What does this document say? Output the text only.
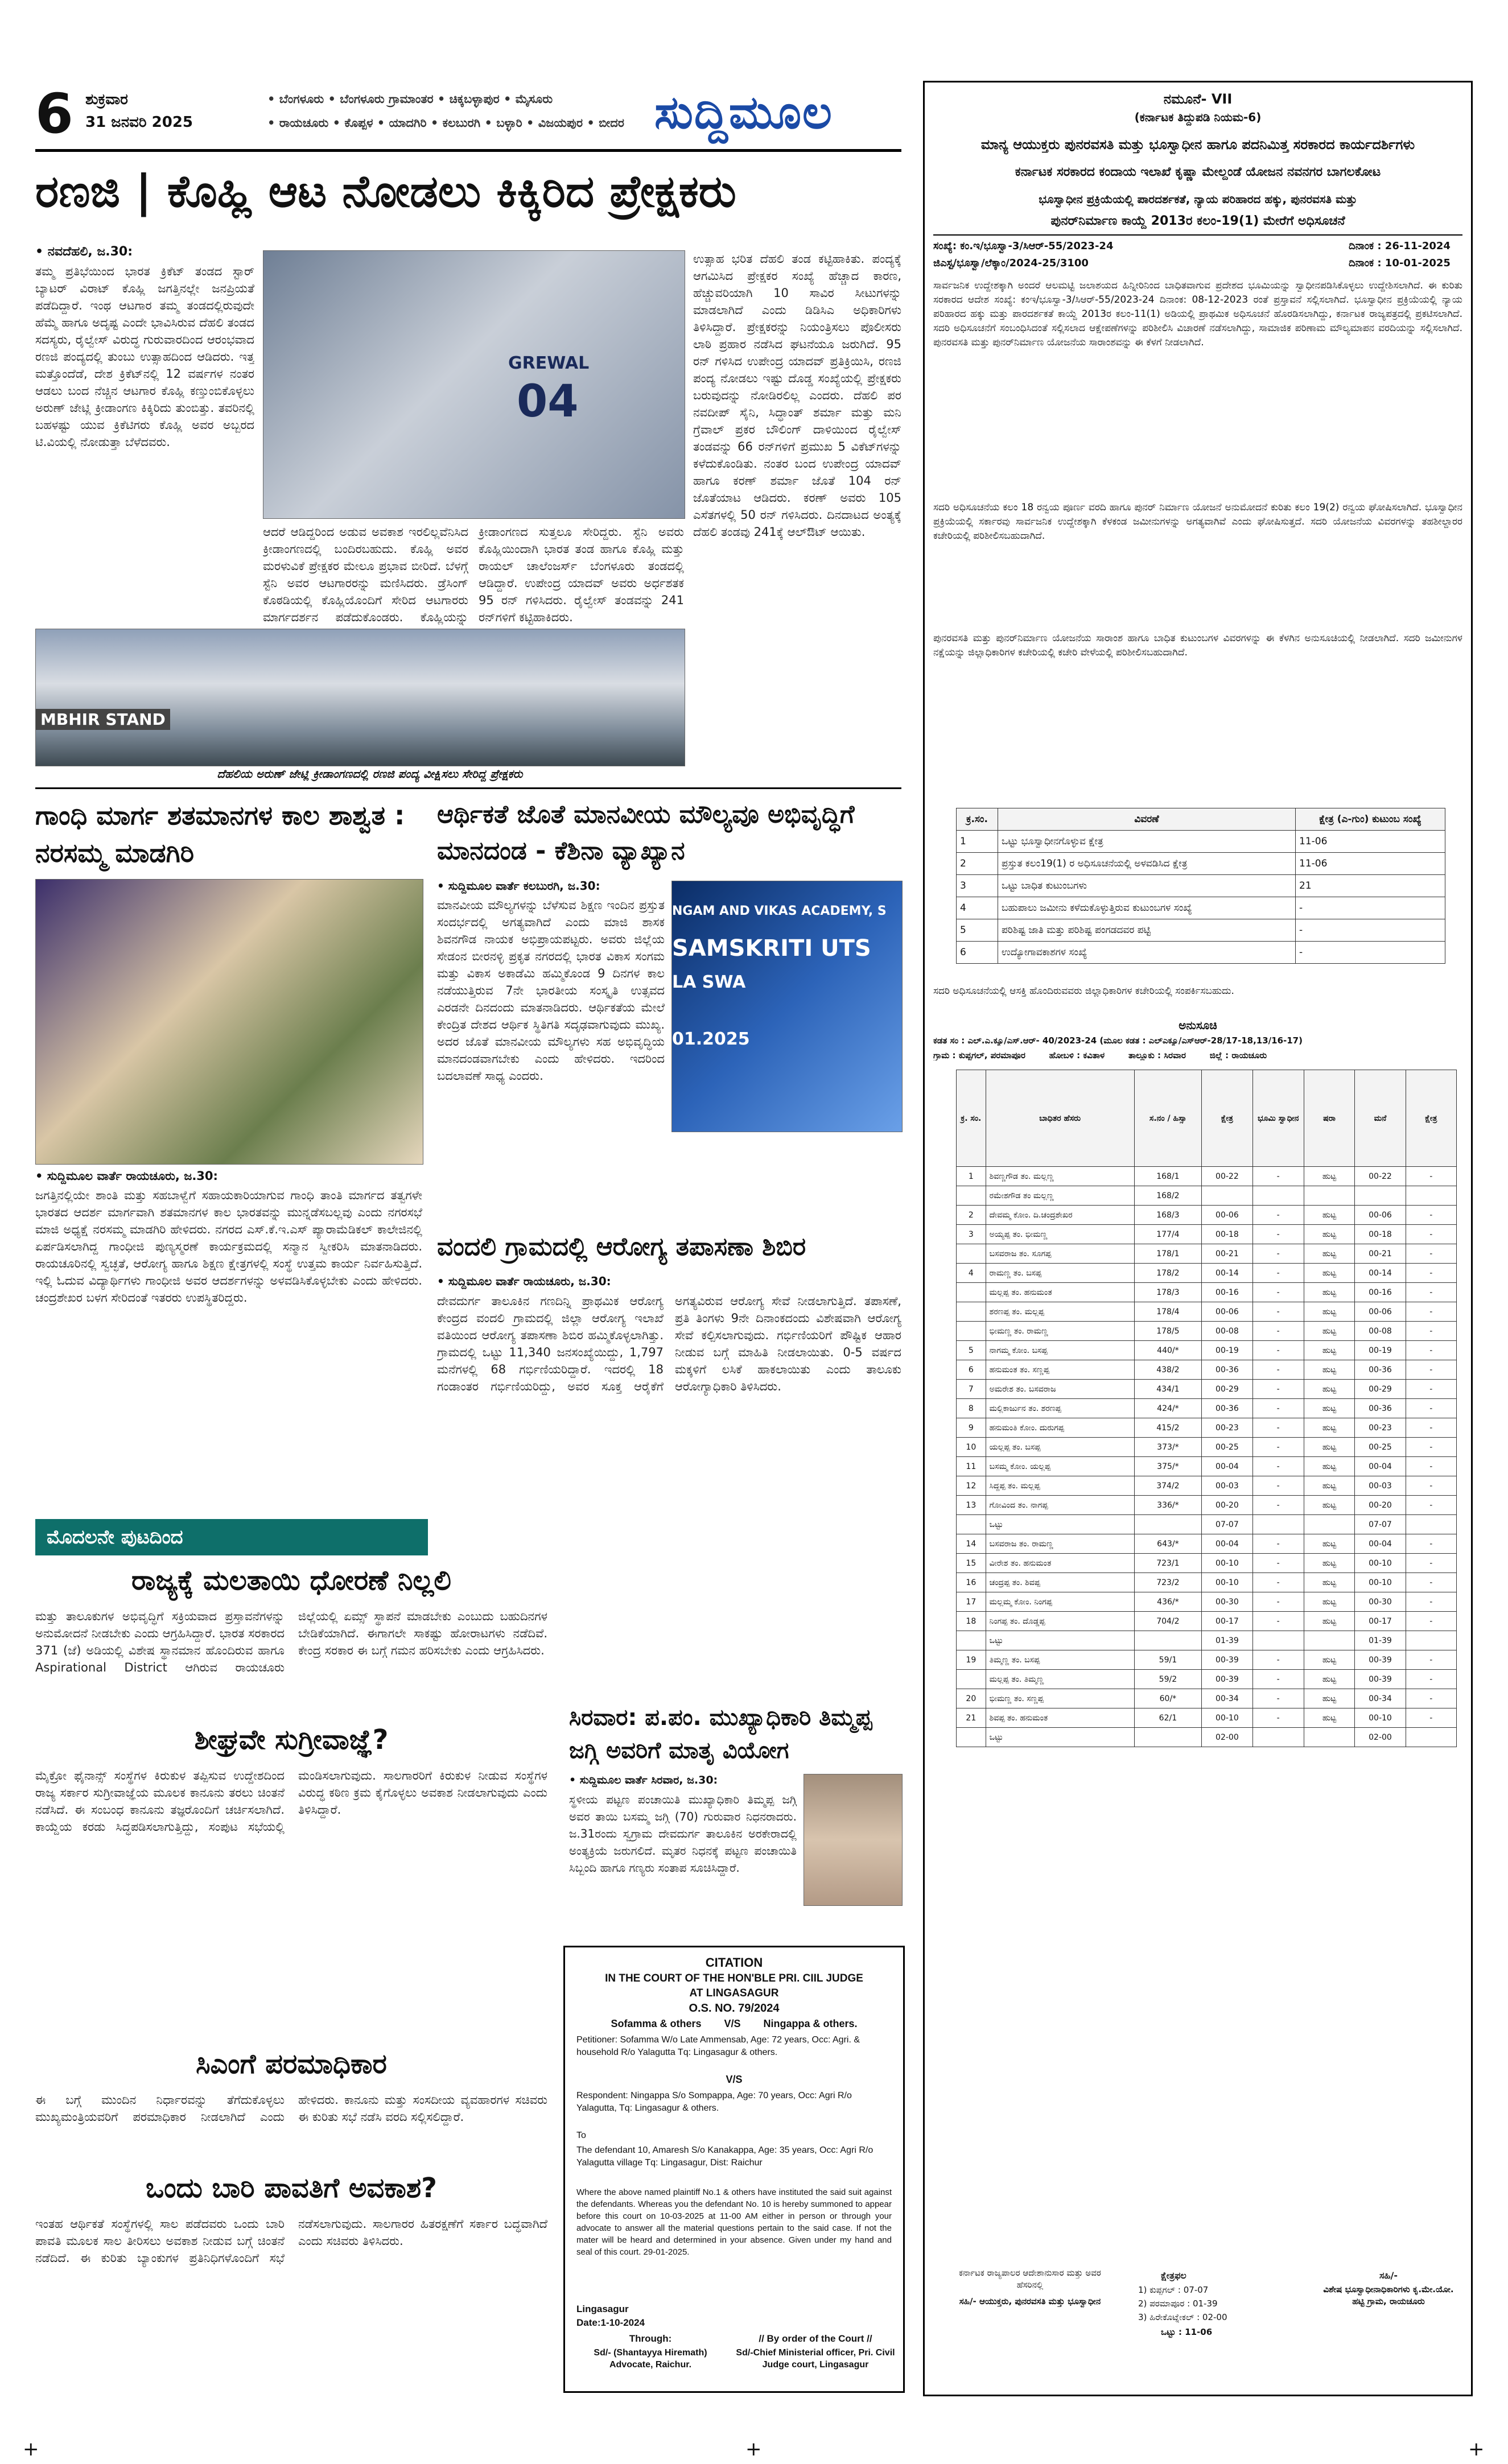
6 ಶುಕ್ರವಾರ
31 ಜನವರಿ 2025
• ಬೆಂಗಳೂರು • ಬೆಂಗಳೂರು ಗ್ರಾಮಾಂತರ • ಚಿಕ್ಕಬಳ್ಳಾಪುರ • ಮೈಸೂರು
• ರಾಯಚೂರು • ಕೊಪ್ಪಳ • ಯಾದಗಿರಿ • ಕಲಬುರಗಿ • ಬಳ್ಳಾರಿ • ವಿಜಯಪುರ • ಬೀದರ ಸುದ್ದಿಮೂಲ
ರಣಜಿ | ಕೊಹ್ಲಿ ಆಟ ನೋಡಲು ಕಿಕ್ಕಿರಿದ ಪ್ರೇಕ್ಷಕರು
• ನವದೆಹಲಿ, ಜ.30:
ತಮ್ಮ ಪ್ರತಿಭೆಯಿಂದ ಭಾರತ ಕ್ರಿಕೆಟ್ ತಂಡದ ಸ್ಟಾರ್ ಬ್ಯಾಟರ್ ವಿರಾಟ್ ಕೊಹ್ಲಿ ಜಗತ್ತಿನಲ್ಲೇ ಜನಪ್ರಿಯತೆ ಪಡೆದಿದ್ದಾರೆ. ಇಂಥ ಆಟಗಾರ ತಮ್ಮ ತಂಡದಲ್ಲಿರುವುದೇ ಹೆಮ್ಮೆ ಹಾಗೂ ಅದೃಷ್ಟ ಎಂದೇ ಭಾವಿಸಿರುವ ದೆಹಲಿ ತಂಡದ ಸದಸ್ಯರು, ರೈಲ್ವೇಸ್ ವಿರುದ್ಧ ಗುರುವಾರದಿಂದ ಆರಂಭವಾದ ರಣಜಿ ಪಂದ್ಯದಲ್ಲಿ ತುಂಬು ಉತ್ಸಾಹದಿಂದ ಆಡಿದರು. ಇತ್ತ ಮತ್ತೊಂದೆಡೆ, ದೇಶ ಕ್ರಿಕೆಟ್‌ನಲ್ಲಿ 12 ವರ್ಷಗಳ ನಂತರ ಆಡಲು ಬಂದ ನೆಚ್ಚಿನ ಆಟಗಾರ ಕೊಹ್ಲಿ ಕಣ್ತುಂಬಿಕೊಳ್ಳಲು ಅರುಣ್ ಜೇಟ್ಲಿ ಕ್ರೀಡಾಂಗಣ ಕಿಕ್ಕಿರಿದು ತುಂಬಿತ್ತು. ತವರಿನಲ್ಲಿ ಬಹಳಷ್ಟು ಯುವ ಕ್ರಿಕೆಟಿಗರು ಕೊಹ್ಲಿ ಅವರ ಅಬ್ಬರದ ಟಿ.ವಿಯಲ್ಲಿ ನೋಡುತ್ತಾ ಬೆಳೆದವರು.
GREWAL
04
ಆದರೆ ಆಡಿದ್ದರಿಂದ ಅಡುವ ಅವಕಾಶ ಇರಲಿಲ್ಲವೆನಿಸಿದ ಕ್ರೀಡಾಂಗಣದಲ್ಲಿ ಬಂದಿರಬಹುದು. ಕೊಹ್ಲಿ ಅವರ ಮರಳುವಿಕೆ ಪ್ರೇಕ್ಷಕರ ಮೇಲೂ ಪ್ರಭಾವ ಬೀರಿದೆ. ಬೆಳಗ್ಗೆ ಸ್ಟೆನಿ ಅವರ ಆಟಗಾರರನ್ನು ಮಣಿಸಿದರು. ಡ್ರೆಸಿಂಗ್ ಕೊಠಡಿಯಲ್ಲಿ ಕೊಹ್ಲಿಯೊಂದಿಗೆ ಸೇರಿದ ಆಟಗಾರರು ಮಾರ್ಗದರ್ಶನ ಪಡೆದುಕೊಂಡರು. ಕೊಹ್ಲಿಯನ್ನು ಕ್ರೀಡಾಂಗಣದ ಸುತ್ತಲೂ ಸೇರಿದ್ದರು. ಸ್ಟೆನಿ ಅವರು ಕೊಹ್ಲಿಯಿಂದಾಗಿ ಭಾರತ ತಂಡ ಹಾಗೂ ಕೊಹ್ಲಿ ಮತ್ತು ರಾಯಲ್ ಚಾಲೆಂಜರ್ಸ್ ಬೆಂಗಳೂರು ತಂಡದಲ್ಲಿ ಆಡಿದ್ದಾರೆ. ಉಪೇಂದ್ರ ಯಾದವ್ ಅವರು ಅರ್ಧಶತಕ 95 ರನ್ ಗಳಿಸಿದರು. ರೈಲ್ವೇಸ್ ತಂಡವನ್ನು 241 ರನ್‌ಗಳಿಗೆ ಕಟ್ಟಿಹಾಕಿದರು.
ಉತ್ಸಾಹ ಭರಿತ ದೆಹಲಿ ತಂಡ ಕಟ್ಟಿಹಾಕಿತು. ಪಂದ್ಯಕ್ಕೆ ಆಗಮಿಸಿದ ಪ್ರೇಕ್ಷಕರ ಸಂಖ್ಯೆ ಹೆಚ್ಚಾದ ಕಾರಣ, ಹೆಚ್ಚುವರಿಯಾಗಿ 10 ಸಾವಿರ ಸೀಟುಗಳನ್ನು ಮಾಡಲಾಗಿದೆ ಎಂದು ಡಿಡಿಸಿಎ ಅಧಿಕಾರಿಗಳು ತಿಳಿಸಿದ್ದಾರೆ. ಪ್ರೇಕ್ಷಕರನ್ನು ನಿಯಂತ್ರಿಸಲು ಪೊಲೀಸರು ಲಾಠಿ ಪ್ರಹಾರ ನಡೆಸಿದ ಘಟನೆಯೂ ಜರುಗಿದೆ. 95 ರನ್ ಗಳಿಸಿದ ಉಪೇಂದ್ರ ಯಾದವ್ ಪ್ರತಿಕ್ರಿಯಿಸಿ, ರಣಜಿ ಪಂದ್ಯ ನೋಡಲು ಇಷ್ಟು ದೊಡ್ಡ ಸಂಖ್ಯೆಯಲ್ಲಿ ಪ್ರೇಕ್ಷಕರು ಬರುವುದನ್ನು ನೋಡಿರಲಿಲ್ಲ ಎಂದರು. ದೆಹಲಿ ಪರ ನವದೀಪ್ ಸೈನಿ, ಸಿದ್ಧಾಂತ್ ಶರ್ಮಾ ಮತ್ತು ಮನಿ ಗ್ರೆವಾಲ್ ಪ್ರಕರ ಬೌಲಿಂಗ್ ದಾಳಿಯಿಂದ ರೈಲ್ವೇಸ್ ತಂಡವನ್ನು 66 ರನ್‌ಗಳಿಗೆ ಪ್ರಮುಖ 5 ವಿಕೆಟ್‌ಗಳನ್ನು ಕಳೆದುಕೊಂಡಿತು. ನಂತರ ಬಂದ ಉಪೇಂದ್ರ ಯಾದವ್ ಹಾಗೂ ಕರಣ್ ಶರ್ಮಾ ಜೊತೆ 104 ರನ್ ಜೊತೆಯಾಟ ಆಡಿದರು. ಕರಣ್ ಅವರು 105 ಎಸೆತಗಳಲ್ಲಿ 50 ರನ್ ಗಳಿಸಿದರು. ದಿನದಾಟದ ಅಂತ್ಯಕ್ಕೆ ದೆಹಲಿ ತಂಡವು 241ಕ್ಕೆ ಆಲ್‌ಔಟ್ ಆಯಿತು.
MBHIR STAND
ದೆಹಲಿಯ ಅರುಣ್ ಜೇಟ್ಲಿ ಕ್ರೀಡಾಂಗಣದಲ್ಲಿ ರಣಜಿ ಪಂದ್ಯ ವೀಕ್ಷಿಸಲು ಸೇರಿದ್ದ ಪ್ರೇಕ್ಷಕರು
ಗಾಂಧಿ ಮಾರ್ಗ ಶತಮಾನಗಳ ಕಾಲ ಶಾಶ್ವತ : ನರಸಮ್ಮ ಮಾಡಗಿರಿ
• ಸುದ್ದಿಮೂಲ ವಾರ್ತೆ ರಾಯಚೂರು, ಜ.30:
ಜಗತ್ತಿನಲ್ಲಿಯೇ ಶಾಂತಿ ಮತ್ತು ಸಹಬಾಳ್ವೆಗೆ ಸಹಾಯಕಾರಿಯಾಗುವ ಗಾಂಧಿ ತಾಂತಿ ಮಾರ್ಗದ ತತ್ವಗಳೇ ಭಾರತದ ಆದರ್ಶ ಮಾರ್ಗವಾಗಿ ಶತಮಾನಗಳ ಕಾಲ ಭಾರತವನ್ನು ಮುನ್ನಡೆಸಬಲ್ಲವು ಎಂದು ನಗರಸಭೆ ಮಾಜಿ ಅಧ್ಯಕ್ಷೆ ನರಸಮ್ಮ ಮಾಡಗಿರಿ ಹೇಳಿದರು. ನಗರದ ಎಸ್.ಕೆ.ಇ.ಎಸ್ ಪ್ಯಾರಾಮೆಡಿಕಲ್ ಕಾಲೇಜಿನಲ್ಲಿ ಏರ್ಪಡಿಸಲಾಗಿದ್ದ ಗಾಂಧೀಜಿ ಪುಣ್ಯಸ್ಮರಣೆ ಕಾರ್ಯಕ್ರಮದಲ್ಲಿ ಸನ್ಮಾನ ಸ್ವೀಕರಿಸಿ ಮಾತನಾಡಿದರು. ರಾಯಚೂರಿನಲ್ಲಿ ಸ್ವಚ್ಛತೆ, ಆರೋಗ್ಯ ಹಾಗೂ ಶಿಕ್ಷಣ ಕ್ಷೇತ್ರಗಳಲ್ಲಿ ಸಂಸ್ಥೆ ಉತ್ತಮ ಕಾರ್ಯ ನಿರ್ವಹಿಸುತ್ತಿದೆ. ಇಲ್ಲಿ ಓದುವ ವಿದ್ಯಾರ್ಥಿಗಳು ಗಾಂಧೀಜಿ ಅವರ ಆದರ್ಶಗಳನ್ನು ಅಳವಡಿಸಿಕೊಳ್ಳಬೇಕು ಎಂದು ಹೇಳಿದರು. ಚಂದ್ರಶೇಖರ ಬಳಗ ಸೇರಿದಂತೆ ಇತರರು ಉಪಸ್ಥಿತರಿದ್ದರು.
ಮೊದಲನೇ ಪುಟದಿಂದ
ರಾಜ್ಯಕ್ಕೆ ಮಲತಾಯಿ ಧೋರಣೆ ನಿಲ್ಲಲಿ
ಮತ್ತು ತಾಲೂಕುಗಳ ಅಭಿವೃದ್ಧಿಗೆ ಸಕ್ರಿಯವಾದ ಪ್ರಸ್ತಾವನೆಗಳನ್ನು ಅನುಮೋದನೆ ನೀಡಬೇಕು ಎಂದು ಆಗ್ರಹಿಸಿದ್ದಾರೆ. ಭಾರತ ಸರಕಾರದ 371 (ಜೆ) ಅಡಿಯಲ್ಲಿ ವಿಶೇಷ ಸ್ಥಾನಮಾನ ಹೊಂದಿರುವ ಹಾಗೂ Aspirational District ಆಗಿರುವ ರಾಯಚೂರು ಜಿಲ್ಲೆಯಲ್ಲಿ ಏಮ್ಸ್ ಸ್ಥಾಪನೆ ಮಾಡಬೇಕು ಎಂಬುದು ಬಹುದಿನಗಳ ಬೇಡಿಕೆಯಾಗಿದೆ. ಈಗಾಗಲೇ ಸಾಕಷ್ಟು ಹೋರಾಟಗಳು ನಡೆದಿವೆ. ಕೇಂದ್ರ ಸರಕಾರ ಈ ಬಗ್ಗೆ ಗಮನ ಹರಿಸಬೇಕು ಎಂದು ಆಗ್ರಹಿಸಿದರು.
ಶೀಘ್ರವೇ ಸುಗ್ರೀವಾಜ್ಞೆ?
ಮೈಕ್ರೋ ಫೈನಾನ್ಸ್ ಸಂಸ್ಥೆಗಳ ಕಿರುಕುಳ ತಪ್ಪಿಸುವ ಉದ್ದೇಶದಿಂದ ರಾಜ್ಯ ಸರ್ಕಾರ ಸುಗ್ರೀವಾಜ್ಞೆಯ ಮೂಲಕ ಕಾನೂನು ತರಲು ಚಿಂತನೆ ನಡೆಸಿದೆ. ಈ ಸಂಬಂಧ ಕಾನೂನು ತಜ್ಞರೊಂದಿಗೆ ಚರ್ಚಿಸಲಾಗಿದೆ. ಕಾಯ್ದೆಯ ಕರಡು ಸಿದ್ಧಪಡಿಸಲಾಗುತ್ತಿದ್ದು, ಸಂಪುಟ ಸಭೆಯಲ್ಲಿ ಮಂಡಿಸಲಾಗುವುದು. ಸಾಲಗಾರರಿಗೆ ಕಿರುಕುಳ ನೀಡುವ ಸಂಸ್ಥೆಗಳ ವಿರುದ್ಧ ಕಠಿಣ ಕ್ರಮ ಕೈಗೊಳ್ಳಲು ಅವಕಾಶ ನೀಡಲಾಗುವುದು ಎಂದು ತಿಳಿಸಿದ್ದಾರೆ.
ಸಿಎಂಗೆ ಪರಮಾಧಿಕಾರ
ಈ ಬಗ್ಗೆ ಮುಂದಿನ ನಿರ್ಧಾರವನ್ನು ತೆಗೆದುಕೊಳ್ಳಲು ಮುಖ್ಯಮಂತ್ರಿಯವರಿಗೆ ಪರಮಾಧಿಕಾರ ನೀಡಲಾಗಿದೆ ಎಂದು ಹೇಳಿದರು. ಕಾನೂನು ಮತ್ತು ಸಂಸದೀಯ ವ್ಯವಹಾರಗಳ ಸಚಿವರು ಈ ಕುರಿತು ಸಭೆ ನಡೆಸಿ ವರದಿ ಸಲ್ಲಿಸಲಿದ್ದಾರೆ.
ಒಂದು ಬಾರಿ ಪಾವತಿಗೆ ಅವಕಾಶ?
ಇಂತಹ ಆರ್ಥಿಕತೆ ಸಂಸ್ಥೆಗಳಲ್ಲಿ ಸಾಲ ಪಡೆದವರು ಒಂದು ಬಾರಿ ಪಾವತಿ ಮೂಲಕ ಸಾಲ ತೀರಿಸಲು ಅವಕಾಶ ನೀಡುವ ಬಗ್ಗೆ ಚಿಂತನೆ ನಡೆದಿದೆ. ಈ ಕುರಿತು ಬ್ಯಾಂಕುಗಳ ಪ್ರತಿನಿಧಿಗಳೊಂದಿಗೆ ಸಭೆ ನಡೆಸಲಾಗುವುದು. ಸಾಲಗಾರರ ಹಿತರಕ್ಷಣೆಗೆ ಸರ್ಕಾರ ಬದ್ಧವಾಗಿದೆ ಎಂದು ಸಚಿವರು ತಿಳಿಸಿದರು.
ಆರ್ಥಿಕತೆ ಜೊತೆ ಮಾನವೀಯ ಮೌಲ್ಯವೂ ಅಭಿವೃದ್ಧಿಗೆ ಮಾನದಂಡ - ಕೆಶಿನಾ ವ್ಯಾಖ್ಯಾನ
• ಸುದ್ದಿಮೂಲ ವಾರ್ತೆ ಕಲಬುರಗಿ, ಜ.30:
ಮಾನವೀಯ ಮೌಲ್ಯಗಳನ್ನು ಬೆಳೆಸುವ ಶಿಕ್ಷಣ ಇಂದಿನ ಪ್ರಸ್ತುತ ಸಂದರ್ಭದಲ್ಲಿ ಅಗತ್ಯವಾಗಿದೆ ಎಂದು ಮಾಜಿ ಶಾಸಕ ಶಿವನಗೌಡ ನಾಯಕ ಅಭಿಪ್ರಾಯಪಟ್ಟರು. ಅವರು ಜಿಲ್ಲೆಯ ಸೇಡಂನ ಬೀರನಳ್ಳಿ ಪ್ರಕೃತ ನಗರದಲ್ಲಿ ಭಾರತ ವಿಕಾಸ ಸಂಗಮ ಮತ್ತು ವಿಕಾಸ ಅಕಾಡೆಮಿ ಹಮ್ಮಿಕೊಂಡ 9 ದಿನಗಳ ಕಾಲ ನಡೆಯುತ್ತಿರುವ 7ನೇ ಭಾರತೀಯ ಸಂಸ್ಕೃತಿ ಉತ್ಸವದ ಎರಡನೇ ದಿನದಂದು ಮಾತನಾಡಿದರು. ಆರ್ಥಿಕತೆಯ ಮೇಲೆ ಕೇಂದ್ರಿತ ದೇಶದ ಆರ್ಥಿಕ ಸ್ಥಿತಿಗತಿ ಸದೃಢವಾಗುವುದು ಮುಖ್ಯ. ಅದರ ಜೊತೆ ಮಾನವೀಯ ಮೌಲ್ಯಗಳು ಸಹ ಅಭಿವೃದ್ಧಿಯ ಮಾನದಂಡವಾಗಬೇಕು ಎಂದು ಹೇಳಿದರು. ಇದರಿಂದ ಬದಲಾವಣೆ ಸಾಧ್ಯ ಎಂದರು.
NGAM AND VIKAS ACADEMY, S
SAMSKRITI UTS
LA SWA
01.2025
ವಂದಲಿ ಗ್ರಾಮದಲ್ಲಿ ಆರೋಗ್ಯ ತಪಾಸಣಾ ಶಿಬಿರ
• ಸುದ್ದಿಮೂಲ ವಾರ್ತೆ ರಾಯಚೂರು, ಜ.30:
ದೇವದುರ್ಗ ತಾಲೂಕಿನ ಗಣದಿನ್ನಿ ಪ್ರಾಥಮಿಕ ಆರೋಗ್ಯ ಕೇಂದ್ರದ ವಂದಲಿ ಗ್ರಾಮದಲ್ಲಿ ಜಿಲ್ಲಾ ಆರೋಗ್ಯ ಇಲಾಖೆ ವತಿಯಿಂದ ಆರೋಗ್ಯ ತಪಾಸಣಾ ಶಿಬಿರ ಹಮ್ಮಿಕೊಳ್ಳಲಾಗಿತ್ತು. ಗ್ರಾಮದಲ್ಲಿ ಒಟ್ಟು 11,340 ಜನಸಂಖ್ಯೆಯಿದ್ದು, 1,797 ಮನೆಗಳಲ್ಲಿ 68 ಗರ್ಭಿಣಿಯರಿದ್ದಾರೆ. ಇದರಲ್ಲಿ 18 ಗಂಡಾಂತರ ಗರ್ಭಿಣಿಯರಿದ್ದು, ಅವರ ಸೂಕ್ತ ಆರೈಕೆಗೆ ಅಗತ್ಯವಿರುವ ಆರೋಗ್ಯ ಸೇವೆ ನೀಡಲಾಗುತ್ತಿದೆ. ತಪಾಸಣೆ, ಪ್ರತಿ ತಿಂಗಳು 9ನೇ ದಿನಾಂಕದಂದು ವಿಶೇಷವಾಗಿ ಆರೋಗ್ಯ ಸೇವೆ ಕಲ್ಪಿಸಲಾಗುವುದು. ಗರ್ಭಿಣಿಯರಿಗೆ ಪೌಷ್ಟಿಕ ಆಹಾರ ನೀಡುವ ಬಗ್ಗೆ ಮಾಹಿತಿ ನೀಡಲಾಯಿತು. 0-5 ವರ್ಷದ ಮಕ್ಕಳಿಗೆ ಲಸಿಕೆ ಹಾಕಲಾಯಿತು ಎಂದು ತಾಲೂಕು ಆರೋಗ್ಯಾಧಿಕಾರಿ ತಿಳಿಸಿದರು.
ಸಿರವಾರ: ಪ.ಪಂ. ಮುಖ್ಯಾಧಿಕಾರಿ ತಿಮ್ಮಪ್ಪ ಜಗ್ಗಿ ಅವರಿಗೆ ಮಾತೃ ವಿಯೋಗ
• ಸುದ್ದಿಮೂಲ ವಾರ್ತೆ ಸಿರವಾರ, ಜ.30:
ಸ್ಥಳೀಯ ಪಟ್ಟಣ ಪಂಚಾಯಿತಿ ಮುಖ್ಯಾಧಿಕಾರಿ ತಿಮ್ಮಪ್ಪ ಜಗ್ಗಿ ಅವರ ತಾಯಿ ಬಸಮ್ಮ ಜಗ್ಗಿ (70) ಗುರುವಾರ ನಿಧನರಾದರು. ಜ.31ರಂದು ಸ್ವಗ್ರಾಮ ದೇವದುರ್ಗ ತಾಲೂಕಿನ ಅರಕೇರಾದಲ್ಲಿ ಅಂತ್ಯಕ್ರಿಯೆ ಜರುಗಲಿದೆ. ಮೃತರ ನಿಧನಕ್ಕೆ ಪಟ್ಟಣ ಪಂಚಾಯಿತಿ ಸಿಬ್ಬಂದಿ ಹಾಗೂ ಗಣ್ಯರು ಸಂತಾಪ ಸೂಚಿಸಿದ್ದಾರೆ.
CITATION
IN THE COURT OF THE HON'BLE PRI. CIIL JUDGE
AT LINGASAGUR
O.S. NO. 79/2024
Sofamma & others        V/S        Ningappa & others.
Petitioner: Sofamma W/o Late Ammensab, Age: 72 years, Occ: Agri. & household R/o Yalagutta Tq: Lingasagur & others.
V/S
Respondent: Ningappa S/o Sompappa, Age: 70 years, Occ: Agri R/o Yalagutta, Tq: Lingasagur & others.
To
The defendant 10, Amaresh S/o Kanakappa, Age: 35 years, Occ: Agri R/o Yalagutta village Tq: Lingasagur, Dist: Raichur
Where the above named plaintiff No.1 & others have instituted the said suit against the defendants. Whereas you the defendant No. 10 is hereby summoned to appear before this court on 10-03-2025 at 11-00 AM either in person or through your advocate to answer all the material questions pertain to the said case. If not the mater will be heard and determined in your absence. Given under my hand and seal of this court. 29-01-2025.
Lingasagur
Date:1-10-2024
Through:
Sd/- (Shantayya Hiremath) Advocate, Raichur.
// By order of the Court //
Sd/-Chief Ministerial officer, Pri. Civil Judge court, Lingasagur
ನಮೂನೆ- VII
(ಕರ್ನಾಟಕ ತಿದ್ದುಪಡಿ ನಿಯಮ-6)
ಮಾನ್ಯ ಆಯುಕ್ತರು ಪುನರವಸತಿ ಮತ್ತು ಭೂಸ್ವಾಧೀನ ಹಾಗೂ ಪದನಿಮಿತ್ತ ಸರಕಾರದ ಕಾರ್ಯದರ್ಶಿಗಳು
ಕರ್ನಾಟಕ ಸರಕಾರದ ಕಂದಾಯ ಇಲಾಖೆ ಕೃಷ್ಣಾ ಮೇಲ್ದಂಡೆ ಯೋಜನ ನವನಗರ ಬಾಗಲಕೋಟ
ಭೂಸ್ವಾಧೀನ ಪ್ರಕ್ರಿಯೆಯಲ್ಲಿ ಪಾರದರ್ಶಕತೆ, ನ್ಯಾಯ ಪರಿಹಾರದ ಹಕ್ಕು, ಪುನರವಸತಿ ಮತ್ತು
ಪುನರ್‌ನಿರ್ಮಾಣ ಕಾಯ್ದೆ 2013ರ ಕಲಂ-19(1) ಮೇರೆಗೆ ಅಧಿಸೂಚನೆ
ಸಂಖ್ಯೆ: ಕಂ.ಇ/ಭೂಸ್ವಾ-3/ಸಿಆರ್-55/2023-24	ದಿನಾಂಕ : 26-11-2024
ಜಿಎಸ್ಟ/ಭೂಸ್ವಾ/ಲೆಕ್ಕಾಂ/2024-25/3100	ದಿನಾಂಕ : 10-01-2025
ಸಾರ್ವಜನಿಕ ಉದ್ದೇಶಕ್ಕಾಗಿ ಅಂದರೆ ಆಲಮಟ್ಟಿ ಜಲಾಶಯದ ಹಿನ್ನೀರಿನಿಂದ ಬಾಧಿತವಾಗುವ ಪ್ರದೇಶದ ಭೂಮಿಯನ್ನು ಸ್ವಾಧೀನಪಡಿಸಿಕೊಳ್ಳಲು ಉದ್ದೇಶಿಸಲಾಗಿದೆ. ಈ ಕುರಿತು ಸರಕಾರದ ಆದೇಶ ಸಂಖ್ಯೆ: ಕಂಇ/ಭೂಸ್ವಾ-3/ಸಿಆರ್-55/2023-24 ದಿನಾಂಕ: 08-12-2023 ರಂತೆ ಪ್ರಸ್ತಾವನೆ ಸಲ್ಲಿಸಲಾಗಿದೆ. ಭೂಸ್ವಾಧೀನ ಪ್ರಕ್ರಿಯೆಯಲ್ಲಿ ನ್ಯಾಯ ಪರಿಹಾರದ ಹಕ್ಕು ಮತ್ತು ಪಾರದರ್ಶಕತೆ ಕಾಯ್ದೆ 2013ರ ಕಲಂ-11(1) ಅಡಿಯಲ್ಲಿ ಪ್ರಾಥಮಿಕ ಅಧಿಸೂಚನೆ ಹೊರಡಿಸಲಾಗಿದ್ದು, ಕರ್ನಾಟಕ ರಾಜ್ಯಪತ್ರದಲ್ಲಿ ಪ್ರಕಟಿಸಲಾಗಿದೆ. ಸದರಿ ಅಧಿಸೂಚನೆಗೆ ಸಂಬಂಧಿಸಿದಂತೆ ಸಲ್ಲಿಸಲಾದ ಆಕ್ಷೇಪಣೆಗಳನ್ನು ಪರಿಶೀಲಿಸಿ ವಿಚಾರಣೆ ನಡೆಸಲಾಗಿದ್ದು, ಸಾಮಾಜಿಕ ಪರಿಣಾಮ ಮೌಲ್ಯಮಾಪನ ವರದಿಯನ್ನು ಸಲ್ಲಿಸಲಾಗಿದೆ. ಪುನರವಸತಿ ಮತ್ತು ಪುನರ್‌ನಿರ್ಮಾಣ ಯೋಜನೆಯ ಸಾರಾಂಶವನ್ನು ಈ ಕೆಳಗೆ ನೀಡಲಾಗಿದೆ.
ಸದರಿ ಅಧಿಸೂಚನೆಯ ಕಲಂ 18 ರನ್ವಯ ಪೂರ್ಣ ವರದಿ ಹಾಗೂ ಪುನರ್ ನಿರ್ಮಾಣ ಯೋಜನೆ ಅನುಮೋದನೆ ಕುರಿತು ಕಲಂ 19(2) ರನ್ವಯ ಘೋಷಿಸಲಾಗಿದೆ. ಭೂಸ್ವಾಧೀನ ಪ್ರಕ್ರಿಯೆಯಲ್ಲಿ ಸರ್ಕಾರವು ಸಾರ್ವಜನಿಕ ಉದ್ದೇಶಕ್ಕಾಗಿ ಕೆಳಕಂಡ ಜಮೀನುಗಳನ್ನು ಅಗತ್ಯವಾಗಿವೆ ಎಂದು ಘೋಷಿಸುತ್ತದೆ. ಸದರಿ ಯೋಜನೆಯ ವಿವರಗಳನ್ನು ತಹಶೀಲ್ದಾರರ ಕಚೇರಿಯಲ್ಲಿ ಪರಿಶೀಲಿಸಬಹುದಾಗಿದೆ.
ಪುನರವಸತಿ ಮತ್ತು ಪುನರ್‌ನಿರ್ಮಾಣ ಯೋಜನೆಯ ಸಾರಾಂಶ ಹಾಗೂ ಬಾಧಿತ ಕುಟುಂಬಗಳ ವಿವರಗಳನ್ನು ಈ ಕೆಳಗಿನ ಅನುಸೂಚಿಯಲ್ಲಿ ನೀಡಲಾಗಿದೆ. ಸದರಿ ಜಮೀನುಗಳ ನಕ್ಷೆಯನ್ನು ಜಿಲ್ಲಾಧಿಕಾರಿಗಳ ಕಚೇರಿಯಲ್ಲಿ ಕಚೇರಿ ವೇಳೆಯಲ್ಲಿ ಪರಿಶೀಲಿಸಬಹುದಾಗಿದೆ.
ಕ್ರ.ಸಂ.	ವಿವರಣೆ	ಕ್ಷೇತ್ರ (ಎ-ಗುಂ) ಕುಟುಂಬ ಸಂಖ್ಯೆ
1	ಒಟ್ಟು ಭೂಸ್ವಾಧೀನಗೊಳ್ಳುವ ಕ್ಷೇತ್ರ	11-06
2	ಪ್ರಸ್ತುತ ಕಲಂ19(1) ರ ಅಧಿಸೂಚನೆಯಲ್ಲಿ ಅಳವಡಿಸಿದ ಕ್ಷೇತ್ರ	11-06
3	ಒಟ್ಟು ಬಾಧಿತ ಕುಟುಂಬಗಳು	21
4	ಬಹುಪಾಲು ಜಮೀನು ಕಳೆದುಕೊಳ್ಳುತ್ತಿರುವ ಕುಟುಂಬಗಳ ಸಂಖ್ಯೆ	-
5	ಪರಿಶಿಷ್ಟ ಜಾತಿ ಮತ್ತು ಪರಿಶಿಷ್ಟ ಪಂಗಡದವರ ಪಟ್ಟಿ	-
6	ಉದ್ಯೋಗಾವಕಾಶಗಳ ಸಂಖ್ಯೆ	-
ಸದರಿ ಅಧಿಸೂಚನೆಯಲ್ಲಿ ಆಸಕ್ತಿ ಹೊಂದಿರುವವರು ಜಿಲ್ಲಾಧಿಕಾರಿಗಳ ಕಚೇರಿಯಲ್ಲಿ ಸಂಪರ್ಕಿಸಬಹುದು.
ಅನುಸೂಚಿ
ಕಡತ ಸಂ : ಎಲ್.ಎ.ಕ್ಯೂ/ಎಸ್.ಆರ್- 40/2023-24 (ಮೂಲ ಕಡತ : ಎಲ್‌ಎಕ್ಯೂ/ಎಸ್‌ಆರ್-28/17-18,13/16-17)
ಗ್ರಾಮ : ಕುಪ್ಪಗಲ್, ಪರಮಾಪೂರ        ಹೋಬಳಿ : ಕವಿತಾಳ        ತಾಲ್ಲೂಕು : ಸಿರವಾರ        ಜಿಲ್ಲೆ : ರಾಯಚೂರು
ಕ್ರ. ಸಂ.	ಬಾಧಿತರ ಹೆಸರು	ಸ.ನಂ / ಹಿಸ್ಸಾ	ಕ್ಷೇತ್ರ	ಭೂಮಿ ಸ್ವಾಧೀನ	ಷರಾ	ಮನೆ	ಕ್ಷೇತ್ರ
1	ಶಿವಣ್ಣಗೌಡ ತಂ. ಮಲ್ಲಣ್ಣ	168/1	00-22	-	ಹುಟ್ಟ	00-22	-
	ರಮೇಶಗೌಡ ತಂ ಮಲ್ಲಣ್ಣ	168/2					
2	ದೇವಮ್ಮ ಕೋಂ. ದಿ.ಚಂದ್ರಶೇಖರ	168/3	00-06	-	ಹುಟ್ಟ	00-06	-
3	ಅಯ್ಯಪ್ಪ ತಂ. ಭೀಮಣ್ಣ	177/4	00-18	-	ಹುಟ್ಟ	00-18	-
	ಬಸವರಾಜ ತಂ. ಸೂಗಪ್ಪ	178/1	00-21	-	ಹುಟ್ಟ	00-21	-
4	ರಾಮಣ್ಣ ತಂ. ಬಸಪ್ಪ	178/2	00-14	-	ಹುಟ್ಟ	00-14	-
	ಮಲ್ಲಪ್ಪ ತಂ. ಹನುಮಂತ	178/3	00-16	-	ಹುಟ್ಟ	00-16	-
	ಶರಣಪ್ಪ ತಂ. ಮಲ್ಲಪ್ಪ	178/4	00-06	-	ಹುಟ್ಟ	00-06	-
	ಭೀಮಣ್ಣ ತಂ. ರಾಮಣ್ಣ	178/5	00-08	-	ಹುಟ್ಟ	00-08	-
5	ನಾಗಮ್ಮ ಕೋಂ. ಬಸಪ್ಪ	440/*	00-19	-	ಹುಟ್ಟ	00-19	-
6	ಹನುಮಂತ ತಂ. ಸಣ್ಣಪ್ಪ	438/2	00-36	-	ಹುಟ್ಟ	00-36	-
7	ಅಮರೇಶ ತಂ. ಬಸವರಾಜ	434/1	00-29	-	ಹುಟ್ಟ	00-29	-
8	ಮಲ್ಲಿಕಾರ್ಜುನ ತಂ. ಶರಣಪ್ಪ	424/*	00-36	-	ಹುಟ್ಟ	00-36	-
9	ಹನುಮಂತಿ ಕೋಂ. ದುರುಗಪ್ಪ	415/2	00-23	-	ಹುಟ್ಟ	00-23	-
10	ಯಲ್ಲಪ್ಪ ತಂ. ಬಸಪ್ಪ	373/*	00-25	-	ಹುಟ್ಟ	00-25	-
11	ಬಸಮ್ಮ ಕೋಂ. ಯಲ್ಲಪ್ಪ	375/*	00-04	-	ಹುಟ್ಟ	00-04	-
12	ಸಿದ್ದಪ್ಪ ತಂ. ಮಲ್ಲಪ್ಪ	374/2	00-03	-	ಹುಟ್ಟ	00-03	-
13	ಗೋವಿಂದ ತಂ. ನಾಗಪ್ಪ	336/*	00-20	-	ಹುಟ್ಟ	00-20	-
	ಒಟ್ಟು		07-07			07-07	
14	ಬಸವರಾಜ ತಂ. ರಾಮಣ್ಣ	643/*	00-04	-	ಹುಟ್ಟ	00-04	-
15	ವೀರೇಶ ತಂ. ಹನುಮಂತ	723/1	00-10	-	ಹುಟ್ಟ	00-10	-
16	ಚಂದ್ರಪ್ಪ ತಂ. ಶಿವಪ್ಪ	723/2	00-10	-	ಹುಟ್ಟ	00-10	-
17	ಮಲ್ಲಮ್ಮ ಕೋಂ. ನಿಂಗಪ್ಪ	436/*	00-30	-	ಹುಟ್ಟ	00-30	-
18	ನಿಂಗಪ್ಪ ತಂ. ದೊಡ್ಡಪ್ಪ	704/2	00-17	-	ಹುಟ್ಟ	00-17	-
	ಒಟ್ಟು		01-39			01-39	
19	ತಿಮ್ಮಣ್ಣ ತಂ. ಬಸಪ್ಪ	59/1	00-39	-	ಹುಟ್ಟ	00-39	-
	ಮಲ್ಲಪ್ಪ ತಂ. ತಿಮ್ಮಣ್ಣ	59/2	00-39	-	ಹುಟ್ಟ	00-39	-
20	ಭೀಮಣ್ಣ ತಂ. ಸಣ್ಣಪ್ಪ	60/*	00-34	-	ಹುಟ್ಟ	00-34	-
21	ಶಿವಪ್ಪ ತಂ. ಹನುಮಂತ	62/1	00-10	-	ಹುಟ್ಟ	00-10	-
	ಒಟ್ಟು		02-00			02-00	
ಕರ್ನಾಟಕ ರಾಜ್ಯಪಾಲರ ಆದೇಶಾನುಸಾರ ಮತ್ತು ಅವರ ಹೆಸರಿನಲ್ಲಿ
ಸಹಿ/- ಆಯುಕ್ತರು, ಪುನರವಸತಿ ಮತ್ತು ಭೂಸ್ವಾಧೀನ
ಕ್ಷೇತ್ರಫಲ
1) ಕುಪ್ಪಗಲ್ : 07-07
2) ಪರಮಾಪೂರ : 01-39
3) ಹಿರೇಕೊಟ್ನೇಕಲ್ : 02-00
ಒಟ್ಟು : 11-06
ಸಹಿ/-
ವಿಶೇಷ ಭೂಸ್ವಾಧೀನಾಧಿಕಾರಿಗಳು ಕೃ.ಮೇ.ಯೋ. ಹಟ್ಟಿ ಗ್ರಾಮ, ರಾಯಚೂರು
+	+	+
